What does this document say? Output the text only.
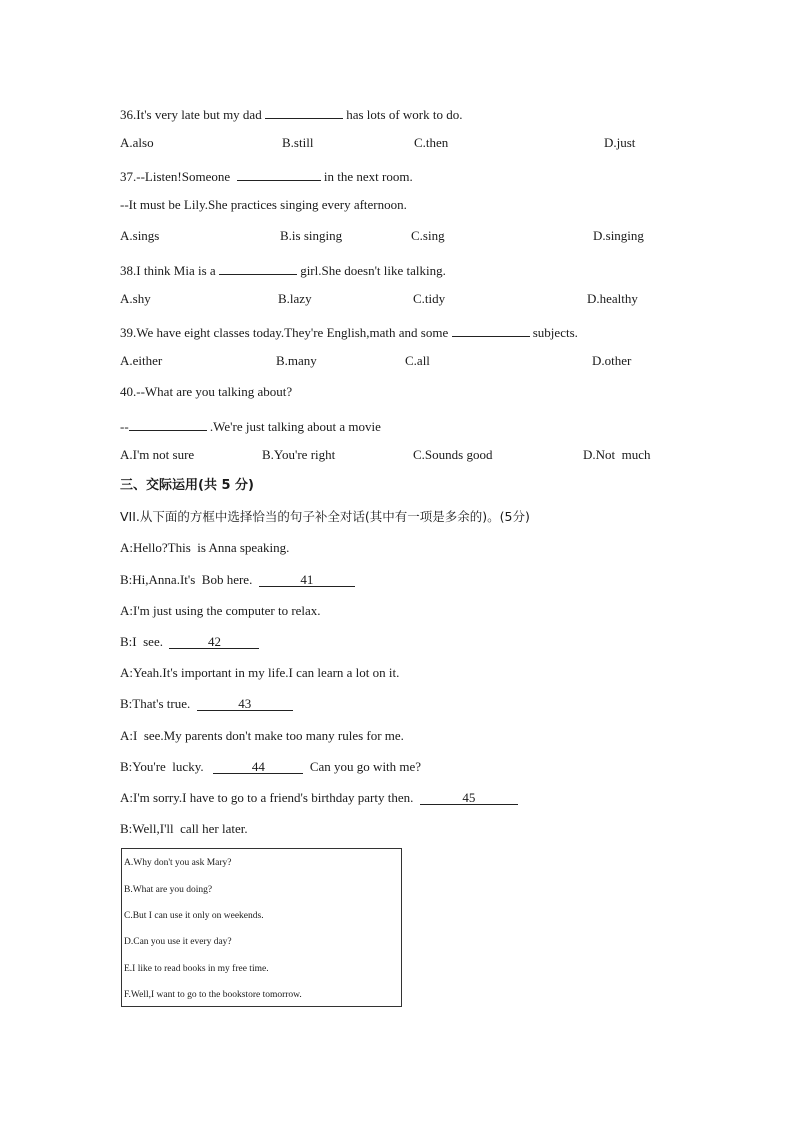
36.It's very late but my dad	has lots of work to do.
A.also	B.still	C.then	D.just
37.--Listen!Someone	in the next room.
--It must be Lily.She practices singing every afternoon.
A.sings	B.is singing	C.sing	D.singing
38.I think Mia is a	girl.She doesn't like talking.
A.shy	B.lazy	C.tidy	D.healthy
39.We have eight classes today.They're English,math and some	subjects.
A.either	B.many	C.all	D.other
40.--What are you talking about?
--	.We're just talking about a movie
A.I'm not sure	B.You're right	C.Sounds good	D.Not  much
三、交际运用(共 5 分)
VII.从下面的方框中选择恰当的句子补全对话(其中有一项是多余的)。(5分)
A:Hello?This  is Anna speaking.
B:Hi,Anna.It's  Bob here.	41
A:I'm just using the computer to relax.
B:I  see.	42
A:Yeah.It's important in my life.I can learn a lot on it.
B:That's true.	43
A:I  see.My parents don't make too many rules for me.
B:You're  lucky.	44	Can you go with me?
A:I'm sorry.I have to go to a friend's birthday party then.	45
B:Well,I'll  call her later.
A.Why don't you ask Mary?
B.What are you doing?
C.But I can use it only on weekends.
D.Can you use it every day?
E.I like to read books in my free time.
F.Well,I want to go to the bookstore tomorrow.
